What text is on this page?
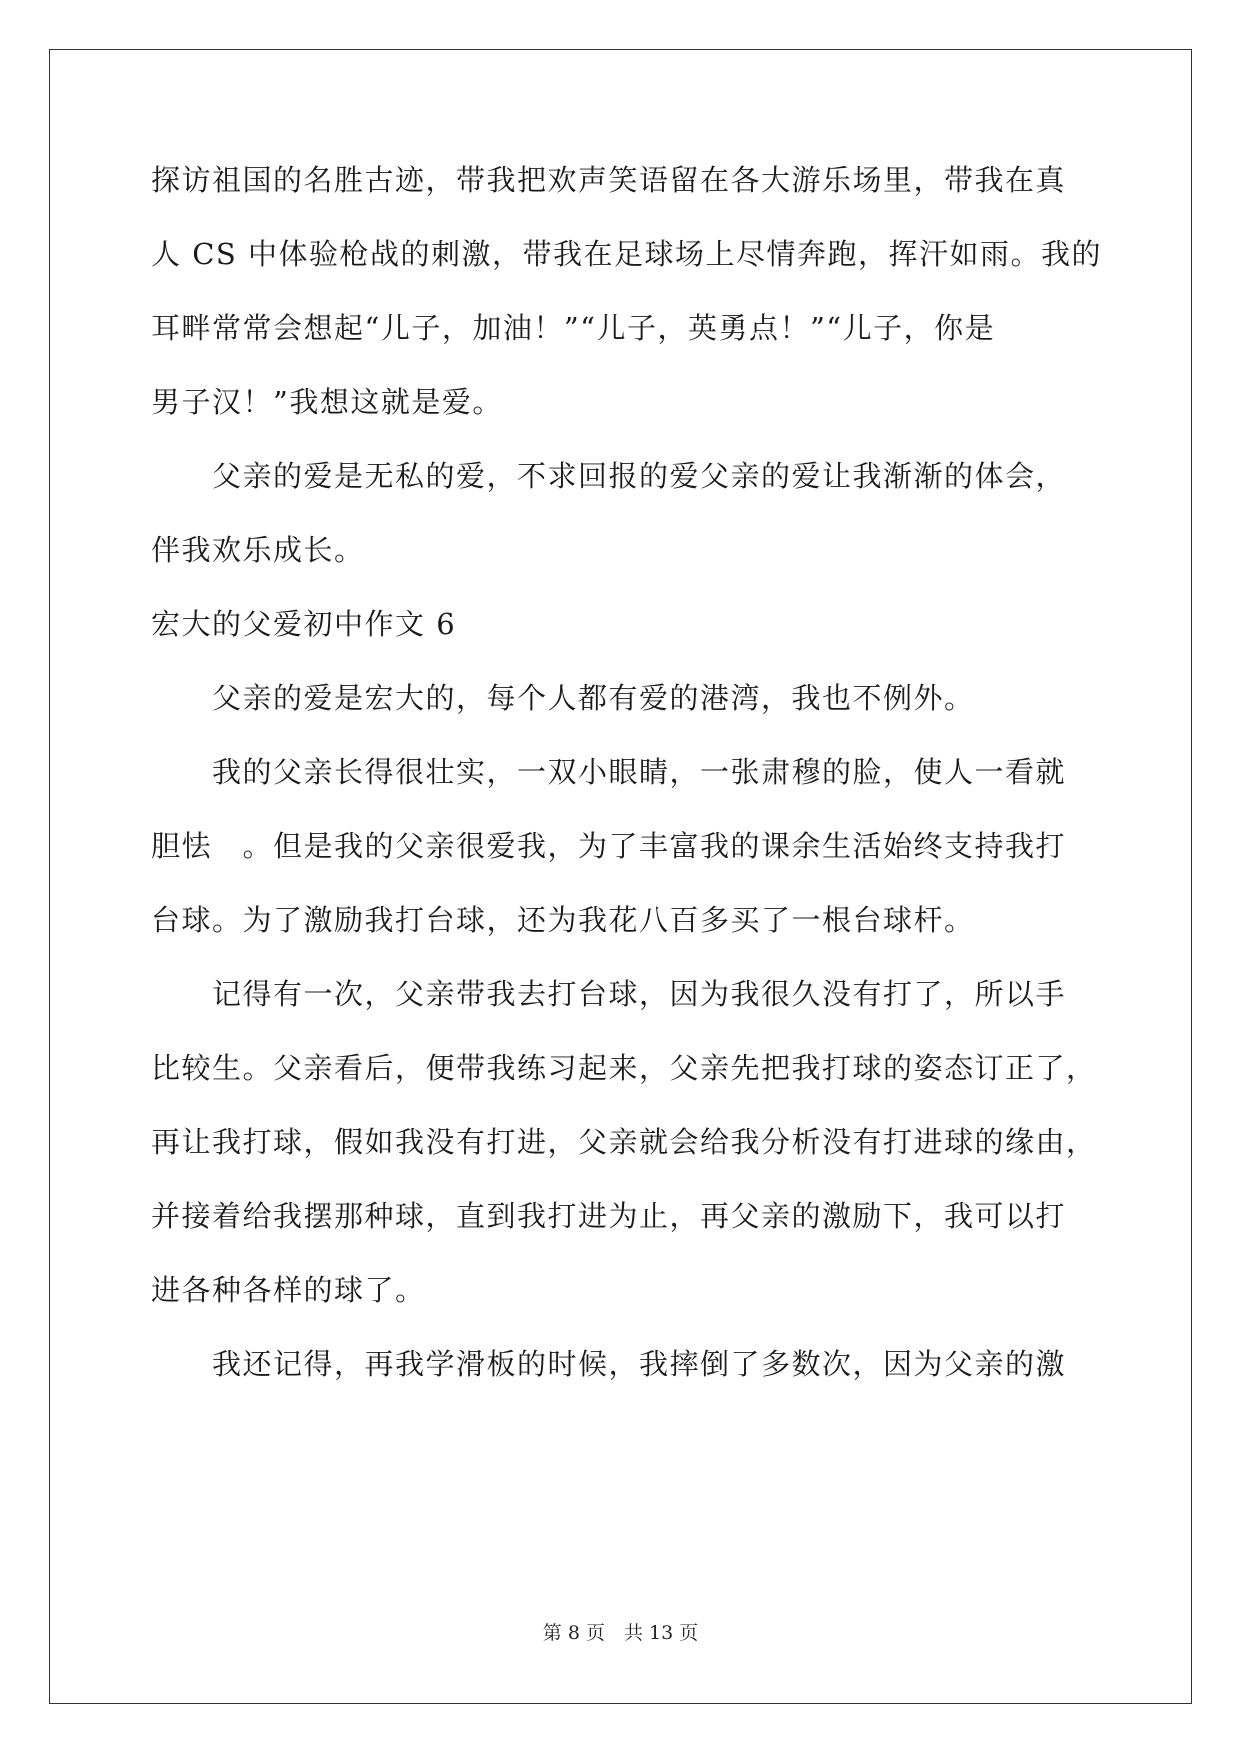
探访祖国的名胜古迹，带我把欢声笑语留在各大游乐场里，带我在真
人 CS 中体验枪战的刺激，带我在足球场上尽情奔跑，挥汗如雨。我的
耳畔常常会想起“儿子，加油！”“儿子，英勇点！”“儿子，你是
男子汉！”我想这就是爱。
　　父亲的爱是无私的爱，不求回报的爱父亲的爱让我渐渐的体会，
伴我欢乐成长。
宏大的父爱初中作文 6
　　父亲的爱是宏大的，每个人都有爱的港湾，我也不例外。
　　我的父亲长得很壮实，一双小眼睛，一张肃穆的脸，使人一看就
胆怯　。但是我的父亲很爱我，为了丰富我的课余生活始终支持我打
台球。为了激励我打台球，还为我花八百多买了一根台球杆。
　　记得有一次，父亲带我去打台球，因为我很久没有打了，所以手
比较生。父亲看后，便带我练习起来，父亲先把我打球的姿态订正了，
再让我打球，假如我没有打进，父亲就会给我分析没有打进球的缘由，
并接着给我摆那种球，直到我打进为止，再父亲的激励下，我可以打
进各种各样的球了。
　　我还记得，再我学滑板的时候，我摔倒了多数次，因为父亲的激
第 8 页　共 13 页
